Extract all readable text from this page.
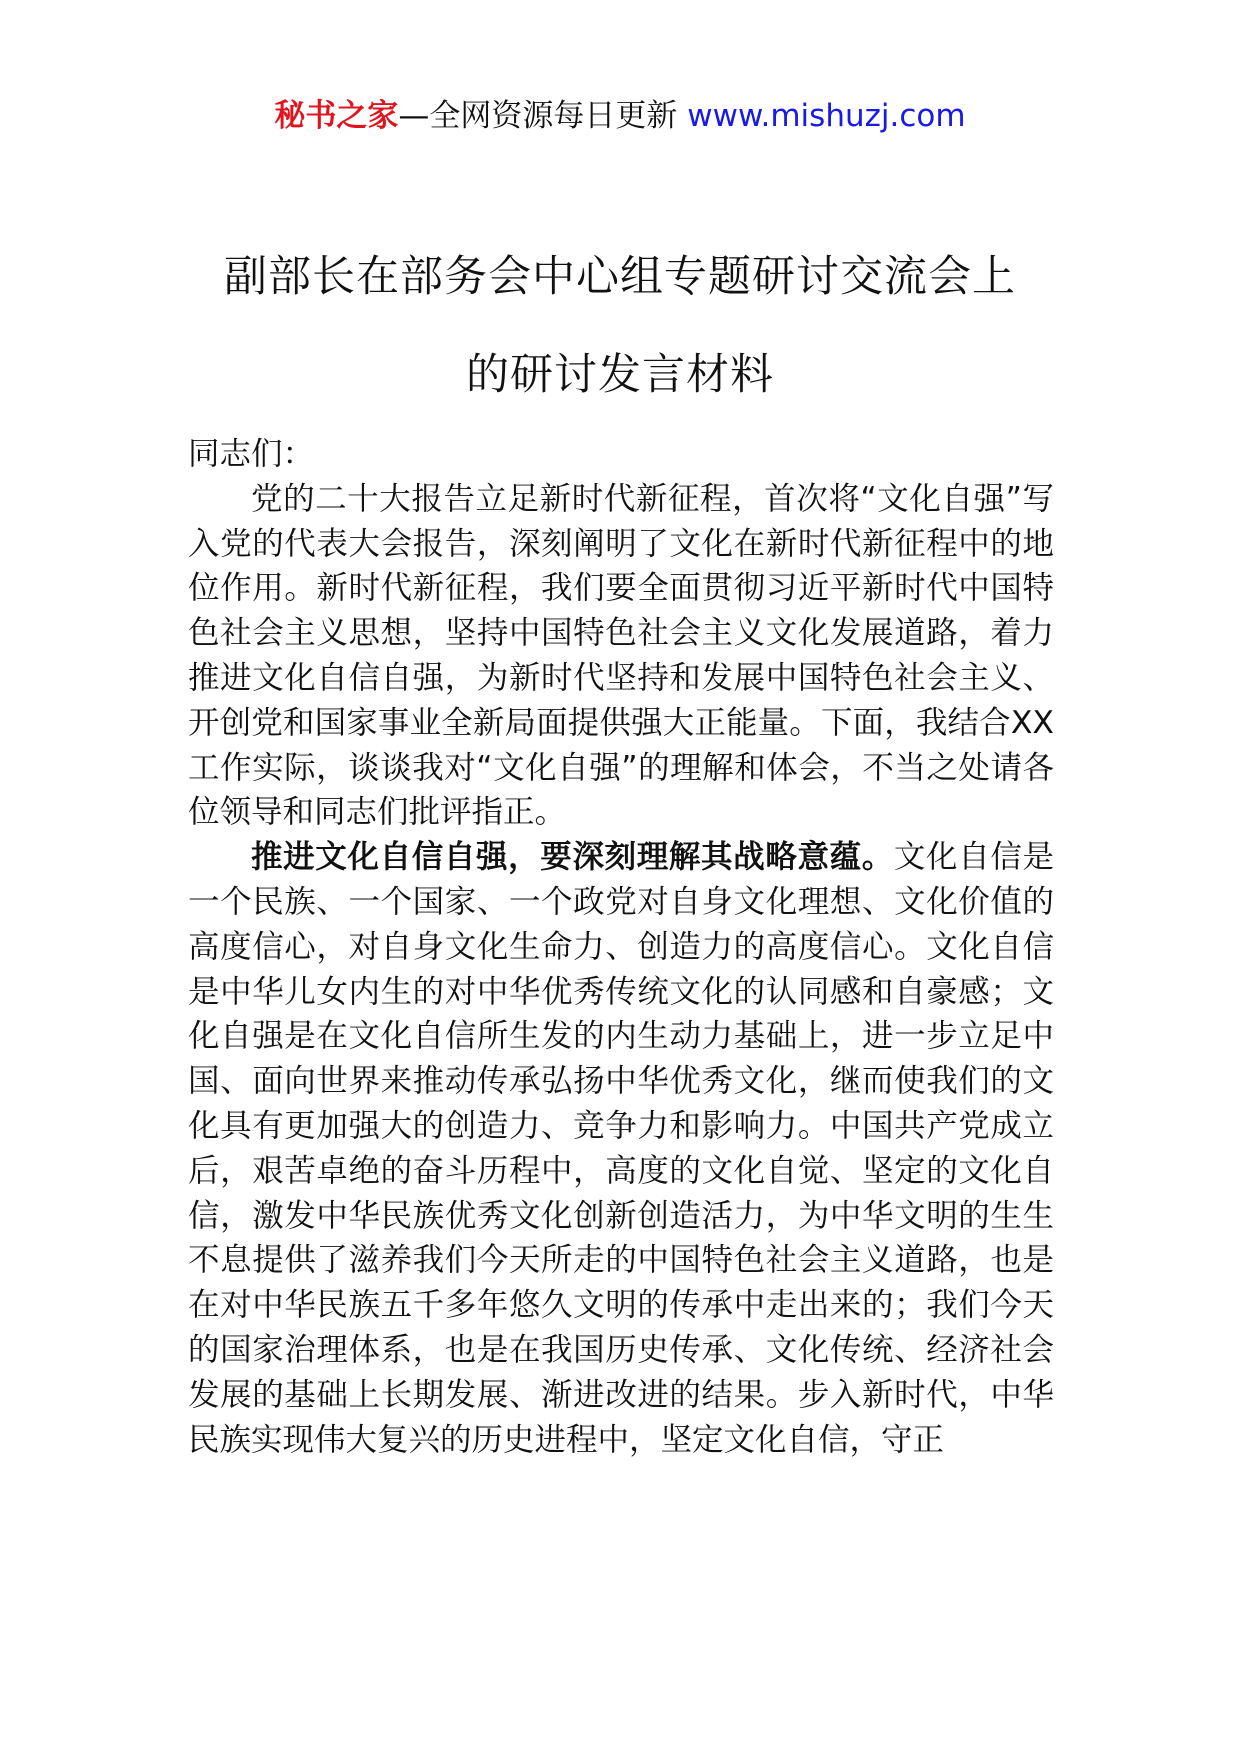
秘书之家—全网资源每日更新 www.mishuzj.com
副部长在部务会中心组专题研讨交流会上
的研讨发言材料

同志们：

党的二十大报告立足新时代新征程，首次将“文化自强”写入党的代表大会报告，深刻阐明了文化在新时代新征程中的地位作用。新时代新征程，我们要全面贯彻习近平新时代中国特色社会主义思想，坚持中国特色社会主义文化发展道路，着力推进文化自信自强，为新时代坚持和发展中国特色社会主义、开创党和国家事业全新局面提供强大正能量。下面，我结合XX工作实际，谈谈我对“文化自强”的理解和体会，不当之处请各位领导和同志们批评指正。

推进文化自信自强，要深刻理解其战略意蕴。文化自信是一个民族、一个国家、一个政党对自身文化理想、文化价值的高度信心，对自身文化生命力、创造力的高度信心。文化自信是中华儿女内生的对中华优秀传统文化的认同感和自豪感；文化自强是在文化自信所生发的内生动力基础上，进一步立足中国、面向世界来推动传承弘扬中华优秀文化，继而使我们的文化具有更加强大的创造力、竞争力和影响力。中国共产党成立后，艰苦卓绝的奋斗历程中，高度的文化自觉、坚定的文化自信，激发中华民族优秀文化创新创造活力，为中华文明的生生不息提供了滋养我们今天所走的中国特色社会主义道路，也是在对中华民族五千多年悠久文明的传承中走出来的；我们今天的国家治理体系，也是在我国历史传承、文化传统、经济社会发展的基础上长期发展、渐进改进的结果。步入新时代，中华民族实现伟大复兴的历史进程中，坚定文化自信，守正
